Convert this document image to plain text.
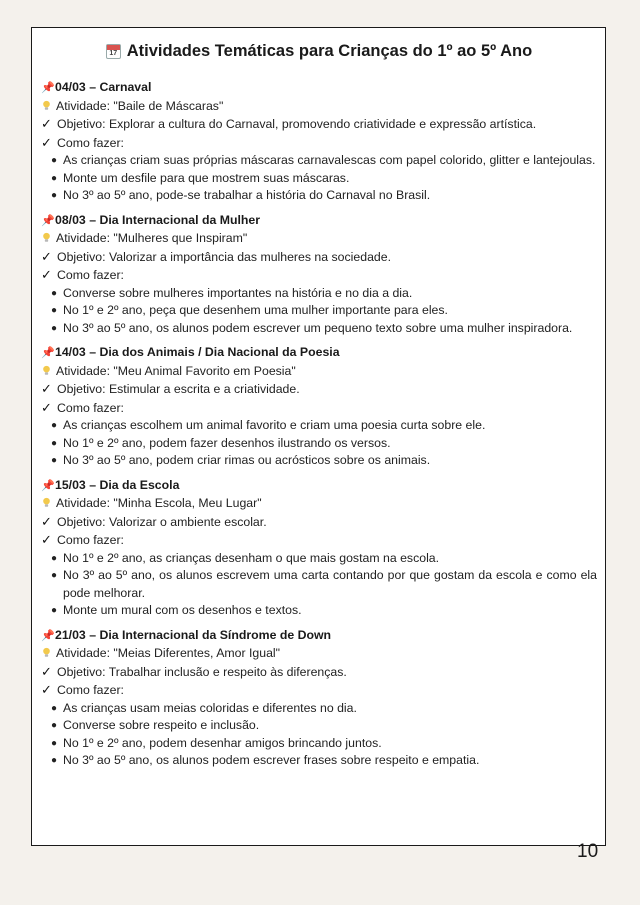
17 Atividades Temáticas para Crianças do 1º ao 5º Ano
📌 04/03 – Carnaval
Atividade: "Baile de Máscaras"
✓ Objetivo: Explorar a cultura do Carnaval, promovendo criatividade e expressão artística.
✓ Como fazer:
● As crianças criam suas próprias máscaras carnavalescas com papel colorido, glitter e lantejoulas.
● Monte um desfile para que mostrem suas máscaras.
● No 3º ao 5º ano, pode-se trabalhar a história do Carnaval no Brasil.
📌 08/03 – Dia Internacional da Mulher
Atividade: "Mulheres que Inspiram"
✓ Objetivo: Valorizar a importância das mulheres na sociedade.
✓ Como fazer:
● Converse sobre mulheres importantes na história e no dia a dia.
● No 1º e 2º ano, peça que desenhem uma mulher importante para eles.
● No 3º ao 5º ano, os alunos podem escrever um pequeno texto sobre uma mulher inspiradora.
📌 14/03 – Dia dos Animais / Dia Nacional da Poesia
Atividade: "Meu Animal Favorito em Poesia"
✓ Objetivo: Estimular a escrita e a criatividade.
✓ Como fazer:
● As crianças escolhem um animal favorito e criam uma poesia curta sobre ele.
● No 1º e 2º ano, podem fazer desenhos ilustrando os versos.
● No 3º ao 5º ano, podem criar rimas ou acrósticos sobre os animais.
📌 15/03 – Dia da Escola
Atividade: "Minha Escola, Meu Lugar"
✓ Objetivo: Valorizar o ambiente escolar.
✓ Como fazer:
● No 1º e 2º ano, as crianças desenham o que mais gostam na escola.
● No 3º ao 5º ano, os alunos escrevem uma carta contando por que gostam da escola e como ela pode melhorar.
● Monte um mural com os desenhos e textos.
📌 21/03 – Dia Internacional da Síndrome de Down
Atividade: "Meias Diferentes, Amor Igual"
✓ Objetivo: Trabalhar inclusão e respeito às diferenças.
✓ Como fazer:
● As crianças usam meias coloridas e diferentes no dia.
● Converse sobre respeito e inclusão.
● No 1º e 2º ano, podem desenhar amigos brincando juntos.
● No 3º ao 5º ano, os alunos podem escrever frases sobre respeito e empatia.
10
